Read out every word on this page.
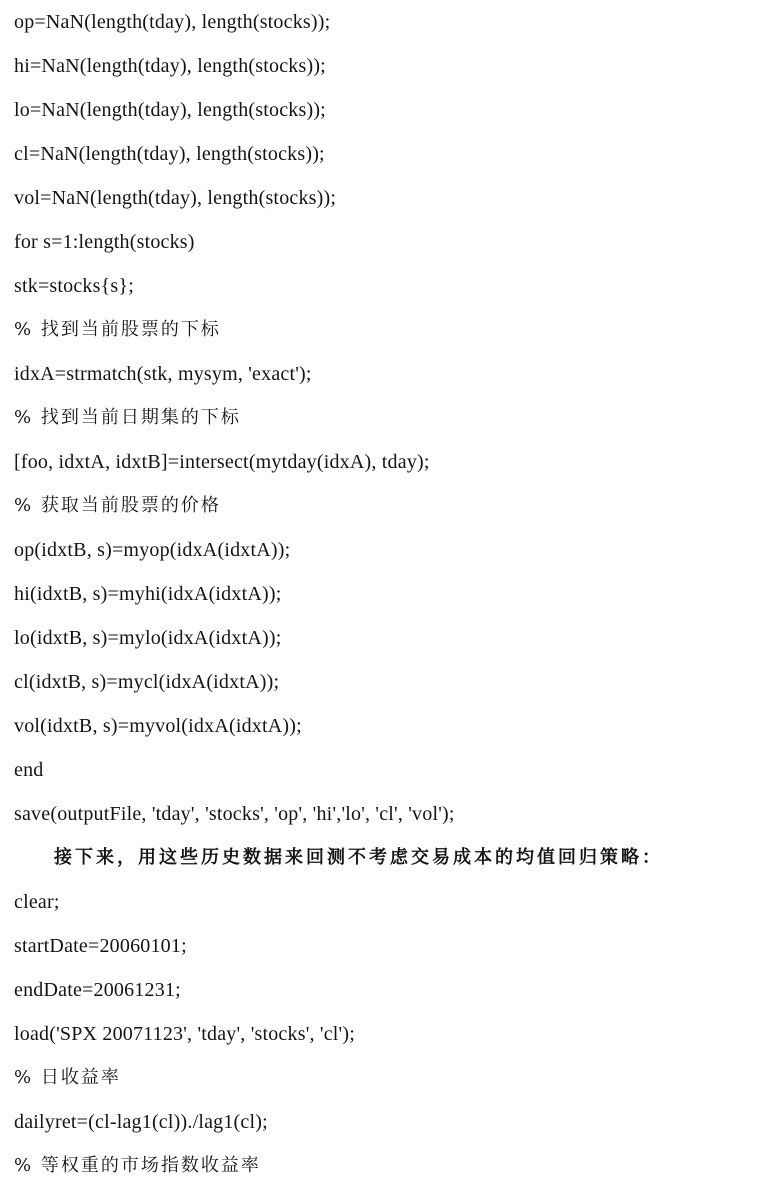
op=NaN(length(tday), length(stocks));
hi=NaN(length(tday), length(stocks));
lo=NaN(length(tday), length(stocks));
cl=NaN(length(tday), length(stocks));
vol=NaN(length(tday), length(stocks));
for s=1:length(stocks)
stk=stocks{s};
% 找到当前股票的下标
idxA=strmatch(stk, mysym, 'exact');
% 找到当前日期集的下标
[foo, idxtA, idxtB]=intersect(mytday(idxA), tday);
% 获取当前股票的价格
op(idxtB, s)=myop(idxA(idxtA));
hi(idxtB, s)=myhi(idxA(idxtA));
lo(idxtB, s)=mylo(idxA(idxtA));
cl(idxtB, s)=mycl(idxA(idxtA));
vol(idxtB, s)=myvol(idxA(idxtA));
end
save(outputFile, 'tday', 'stocks', 'op', 'hi','lo', 'cl', 'vol');
接下来，用这些历史数据来回测不考虑交易成本的均值回归策略：
clear;
startDate=20060101;
endDate=20061231;
load('SPX 20071123', 'tday', 'stocks', 'cl');
% 日收益率
dailyret=(cl-lag1(cl))./lag1(cl);
% 等权重的市场指数收益率
